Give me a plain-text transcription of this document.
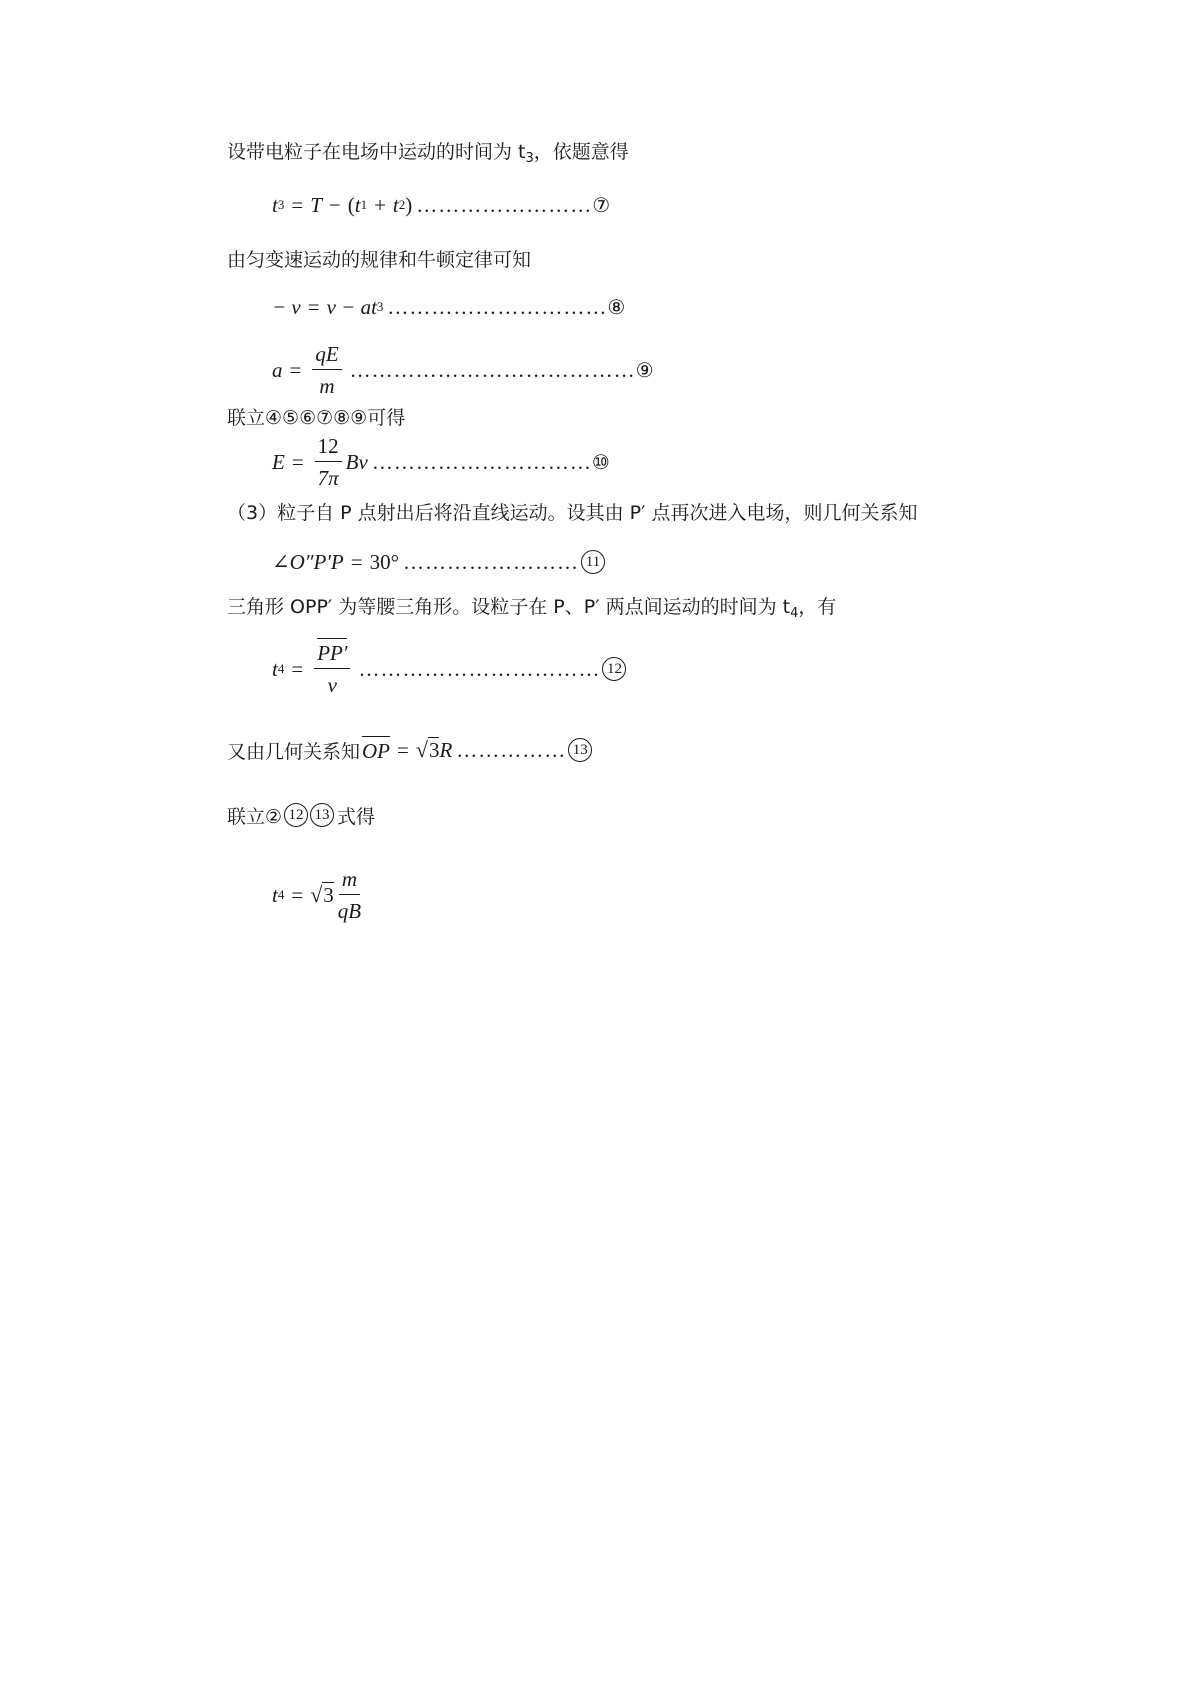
设带电粒子在电场中运动的时间为 $t_3$，依题意得
t 3 = T − ( t 1 + t 2 ) …………………… ⑦
由匀变速运动的规律和牛顿定律可知
− v = v − at 3 ………………………… ⑧
$a = \frac{qE}{m}$ ………………………………… ⑨
联立④⑤⑥⑦⑧⑨可得
$E = \frac{12}{7\pi}$ Bv ………………………… ⑩
（3）粒子自 P 点射出后将沿直线运动。设其由 P′ 点再次进入电场，则几何关系知
∠O″P′P = 30° …………………… 11
三角形 OPP′ 为等腰三角形。设粒子在 P、P′ 两点间运动的时间为 $t_4$，有
t $4 = \frac{PP'}{v}$ …………………………… 12
又由几何关系知 OP = √ 3 R …………… 13
联立② 12 13 式得
t 4 = √ $3 \frac{m}{qB}$
